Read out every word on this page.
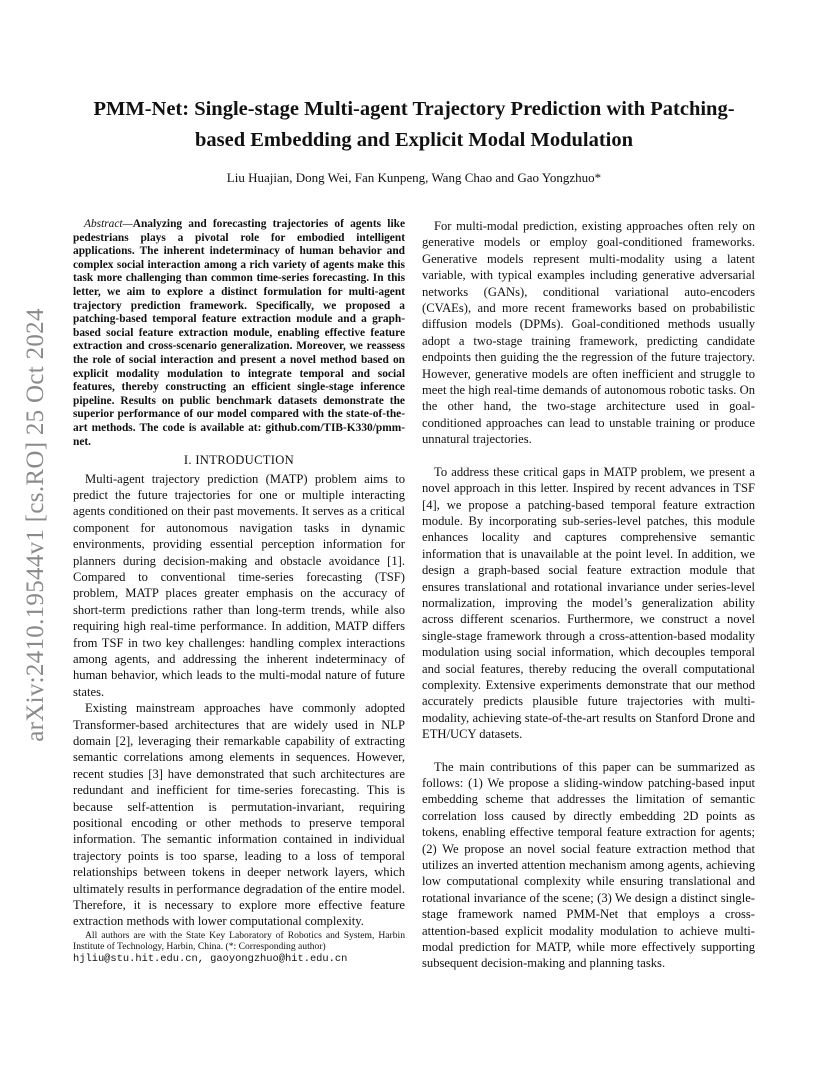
arXiv:2410.19544v1 [cs.RO] 25 Oct 2024
PMM-Net: Single-stage Multi-agent Trajectory Prediction with Patching-based Embedding and Explicit Modal Modulation

Liu Huajian, Dong Wei, Fan Kunpeng, Wang Chao and Gao Yongzhuo*

Abstract—Analyzing and forecasting trajectories of agents like pedestrians plays a pivotal role for embodied intelligent applications. The inherent indeterminacy of human behavior and complex social interaction among a rich variety of agents make this task more challenging than common time-series forecasting. In this letter, we aim to explore a distinct formulation for multi-agent trajectory prediction framework. Specifically, we proposed a patching-based temporal feature extraction module and a graph-based social feature extraction module, enabling effective feature extraction and cross-scenario generalization. Moreover, we reassess the role of social interaction and present a novel method based on explicit modality modulation to integrate temporal and social features, thereby constructing an efficient single-stage inference pipeline. Results on public benchmark datasets demonstrate the superior performance of our model compared with the state-of-the-art methods. The code is available at: github.com/TIB-K330/pmm-net.

I. INTRODUCTION

Multi-agent trajectory prediction (MATP) problem aims to predict the future trajectories for one or multiple interacting agents conditioned on their past movements. It serves as a critical component for autonomous navigation tasks in dynamic environments, providing essential perception information for planners during decision-making and obstacle avoidance [1]. Compared to conventional time-series forecasting (TSF) problem, MATP places greater emphasis on the accuracy of short-term predictions rather than long-term trends, while also requiring high real-time performance. In addition, MATP differs from TSF in two key challenges: handling complex interactions among agents, and addressing the inherent indeterminacy of human behavior, which leads to the multi-modal nature of future states.

Existing mainstream approaches have commonly adopted Transformer-based architectures that are widely used in NLP domain [2], leveraging their remarkable capability of extracting semantic correlations among elements in sequences. However, recent studies [3] have demonstrated that such architectures are redundant and inefficient for time-series forecasting. This is because self-attention is permutation-invariant, requiring positional encoding or other methods to preserve temporal information. The semantic information contained in individual trajectory points is too sparse, leading to a loss of temporal relationships between tokens in deeper network layers, which ultimately results in performance degradation of the entire model. Therefore, it is necessary to explore more effective feature extraction methods with lower computational complexity.

All authors are with the State Key Laboratory of Robotics and System, Harbin Institute of Technology, Harbin, China. (*: Corresponding author)
hjliu@stu.hit.edu.cn, gaoyongzhuo@hit.edu.cn

For multi-modal prediction, existing approaches often rely on generative models or employ goal-conditioned frameworks. Generative models represent multi-modality using a latent variable, with typical examples including generative adversarial networks (GANs), conditional variational auto-encoders (CVAEs), and more recent frameworks based on probabilistic diffusion models (DPMs). Goal-conditioned methods usually adopt a two-stage training framework, predicting candidate endpoints then guiding the the regression of the future trajectory. However, generative models are often inefficient and struggle to meet the high real-time demands of autonomous robotic tasks. On the other hand, the two-stage architecture used in goal-conditioned approaches can lead to unstable training or produce unnatural trajectories.

To address these critical gaps in MATP problem, we present a novel approach in this letter. Inspired by recent advances in TSF [4], we propose a patching-based temporal feature extraction module. By incorporating sub-series-level patches, this module enhances locality and captures comprehensive semantic information that is unavailable at the point level. In addition, we design a graph-based social feature extraction module that ensures translational and rotational invariance under series-level normalization, improving the model’s generalization ability across different scenarios. Furthermore, we construct a novel single-stage framework through a cross-attention-based modality modulation using social information, which decouples temporal and social features, thereby reducing the overall computational complexity. Extensive experiments demonstrate that our method accurately predicts plausible future trajectories with multi-modality, achieving state-of-the-art results on Stanford Drone and ETH/UCY datasets.

The main contributions of this paper can be summarized as follows: (1) We propose a sliding-window patching-based input embedding scheme that addresses the limitation of semantic correlation loss caused by directly embedding 2D points as tokens, enabling effective temporal feature extraction for agents; (2) We propose an novel social feature extraction method that utilizes an inverted attention mechanism among agents, achieving low computational complexity while ensuring translational and rotational invariance of the scene; (3) We design a distinct single-stage framework named PMM-Net that employs a cross-attention-based explicit modality modulation to achieve multi-modal prediction for MATP, while more effectively supporting subsequent decision-making and planning tasks.
